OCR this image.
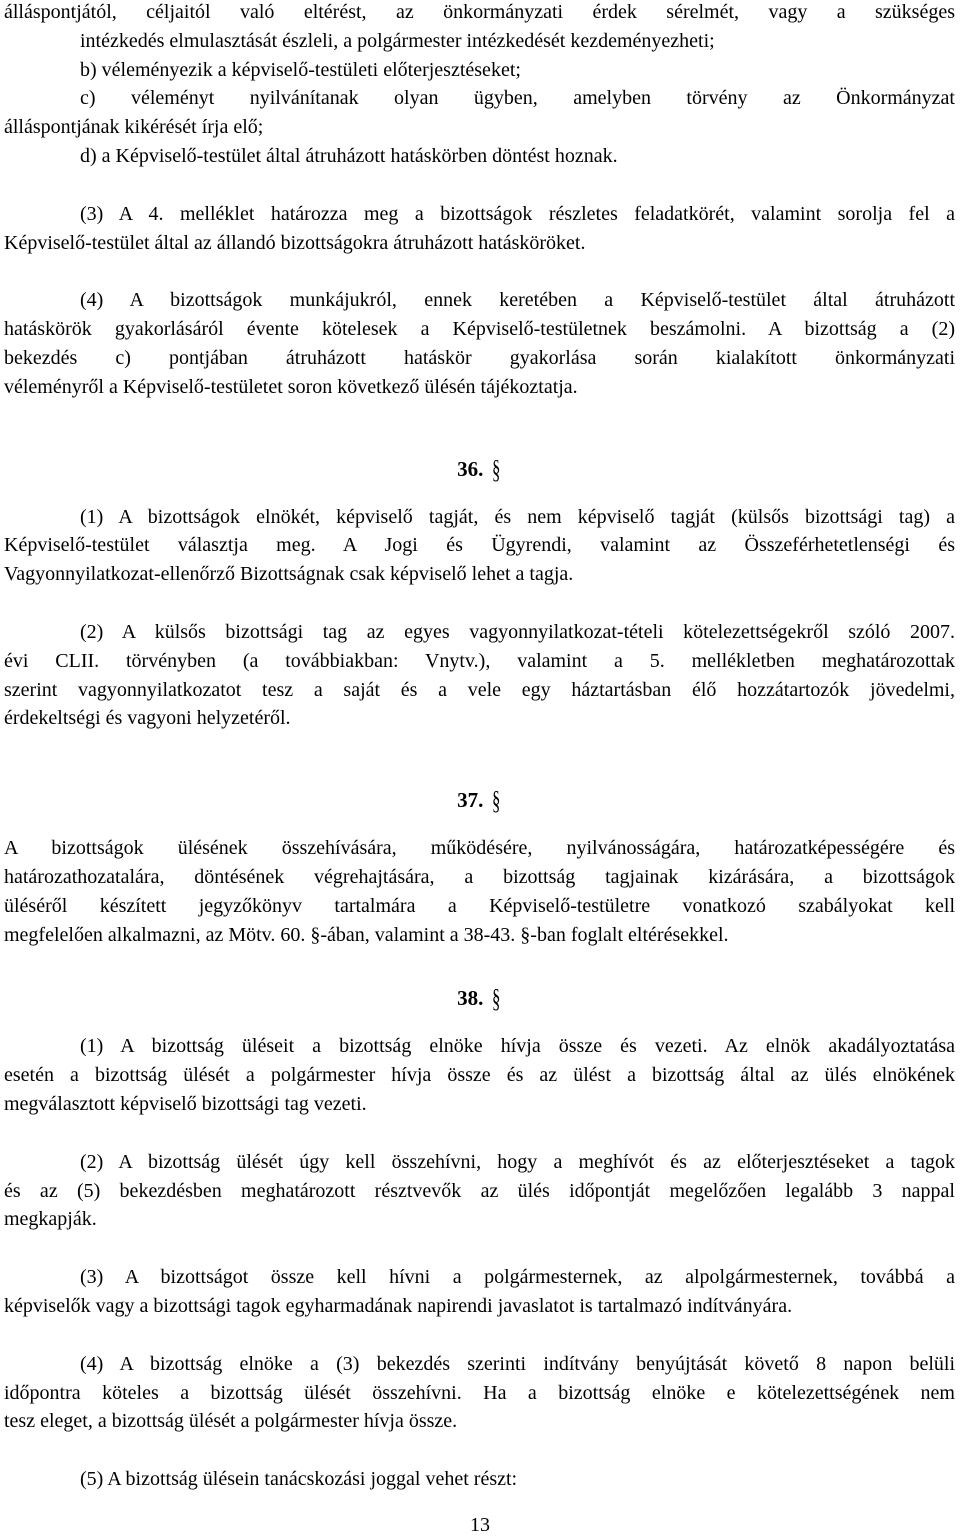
álláspontjától, céljaitól való eltérést, az önkormányzati érdek sérelmét, vagy a szükséges
intézkedés elmulasztását észleli, a polgármester intézkedését kezdeményezheti;
b) véleményezik a képviselő-testületi előterjesztéseket;
c) véleményt nyilvánítanak olyan ügyben, amelyben törvény az Önkormányzat
álláspontjának kikérését írja elő;
d) a Képviselő-testület által átruházott hatáskörben döntést hoznak.
(3) A 4. melléklet határozza meg a bizottságok részletes feladatkörét, valamint sorolja fel a
Képviselő-testület által az állandó bizottságokra átruházott hatásköröket.
(4) A bizottságok munkájukról, ennek keretében a Képviselő-testület által átruházott
hatáskörök gyakorlásáról évente kötelesek a Képviselő-testületnek beszámolni. A bizottság a (2)
bekezdés c) pontjában átruházott hatáskör gyakorlása során kialakított önkormányzati
véleményről a Képviselő-testületet soron következő ülésén tájékoztatja.
36. §
(1) A bizottságok elnökét, képviselő tagját, és nem képviselő tagját (külsős bizottsági tag) a
Képviselő-testület választja meg. A Jogi és Ügyrendi, valamint az Összeférhetetlenségi és
Vagyonnyilatkozat-ellenőrző Bizottságnak csak képviselő lehet a tagja.
(2) A külsős bizottsági tag az egyes vagyonnyilatkozat-tételi kötelezettségekről szóló 2007.
évi CLII. törvényben (a továbbiakban: Vnytv.), valamint a 5. mellékletben meghatározottak
szerint vagyonnyilatkozatot tesz a saját és a vele egy háztartásban élő hozzátartozók jövedelmi,
érdekeltségi és vagyoni helyzetéről.
37. §
A bizottságok ülésének összehívására, működésére, nyilvánosságára, határozatképességére és
határozathozatalára, döntésének végrehajtására, a bizottság tagjainak kizárására, a bizottságok
üléséről készített jegyzőkönyv tartalmára a Képviselő-testületre vonatkozó szabályokat kell
megfelelően alkalmazni, az Mötv. 60. §-ában, valamint a 38-43. §-ban foglalt eltérésekkel.
38. §
(1) A bizottság üléseit a bizottság elnöke hívja össze és vezeti. Az elnök akadályoztatása
esetén a bizottság ülését a polgármester hívja össze és az ülést a bizottság által az ülés elnökének
megválasztott képviselő bizottsági tag vezeti.
(2) A bizottság ülését úgy kell összehívni, hogy a meghívót és az előterjesztéseket a tagok
és az (5) bekezdésben meghatározott résztvevők az ülés időpontját megelőzően legalább 3 nappal
megkapják.
(3) A bizottságot össze kell hívni a polgármesternek, az alpolgármesternek, továbbá a
képviselők vagy a bizottsági tagok egyharmadának napirendi javaslatot is tartalmazó indítványára.
(4) A bizottság elnöke a (3) bekezdés szerinti indítvány benyújtását követő 8 napon belüli
időpontra köteles a bizottság ülését összehívni. Ha a bizottság elnöke e kötelezettségének nem
tesz eleget, a bizottság ülését a polgármester hívja össze.
(5) A bizottság ülésein tanácskozási joggal vehet részt:
13
